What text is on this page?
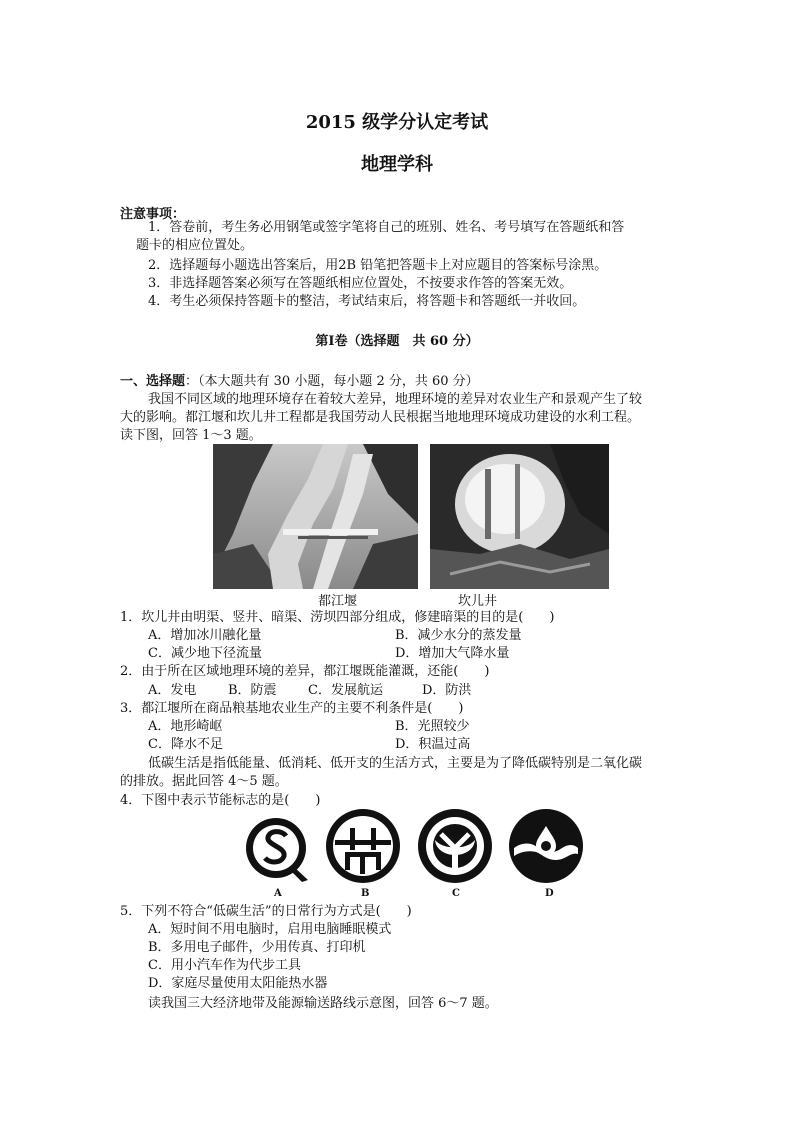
2015 级学分认定考试
地理学科
注意事项：
1．答卷前，考生务必用钢笔或签字笔将自己的班别、姓名、考号填写在答题纸和答
题卡的相应位置处。
2．选择题每小题选出答案后，用2B 铅笔把答题卡上对应题目的答案标号涂黑。
3．非选择题答案必须写在答题纸相应位置处，不按要求作答的答案无效。
4．考生必须保持答题卡的整洁，考试结束后，将答题卡和答题纸一并收回。
第Ⅰ卷（选择题　共 60 分）
一、选择题：（本大题共有 30 小题，每小题 2 分，共 60 分）
我国不同区域的地理环境存在着较大差异，地理环境的差异对农业生产和景观产生了较
大的影响。都江堰和坎儿井工程都是我国劳动人民根据当地地理环境成功建设的水利工程。
读下图，回答 1～3 题。
都江堰	坎儿井
1．坎儿井由明渠、竖井、暗渠、涝坝四部分组成，修建暗渠的目的是(　　)
A．增加冰川融化量	B．减少水分的蒸发量
C．减少地下径流量	D．增加大气降水量
2．由于所在区域地理环境的差异，都江堰既能灌溉，还能(　　)
A．发电 B．防震 C．发展航运	D．防洪
3．都江堰所在商品粮基地农业生产的主要不利条件是(　　)
A．地形崎岖	B．光照较少
C．降水不足	D．积温过高
低碳生活是指低能量、低消耗、低开支的生活方式，主要是为了降低碳特别是二氧化碳
的排放。据此回答 4～5 题。
4．下图中表示节能标志的是(　　)
A	B	C	D
5．下列不符合“低碳生活”的日常行为方式是(　　)
A．短时间不用电脑时，启用电脑睡眠模式
B．多用电子邮件，少用传真、打印机
C．用小汽车作为代步工具
D．家庭尽量使用太阳能热水器
读我国三大经济地带及能源输送路线示意图，回答 6～7 题。
